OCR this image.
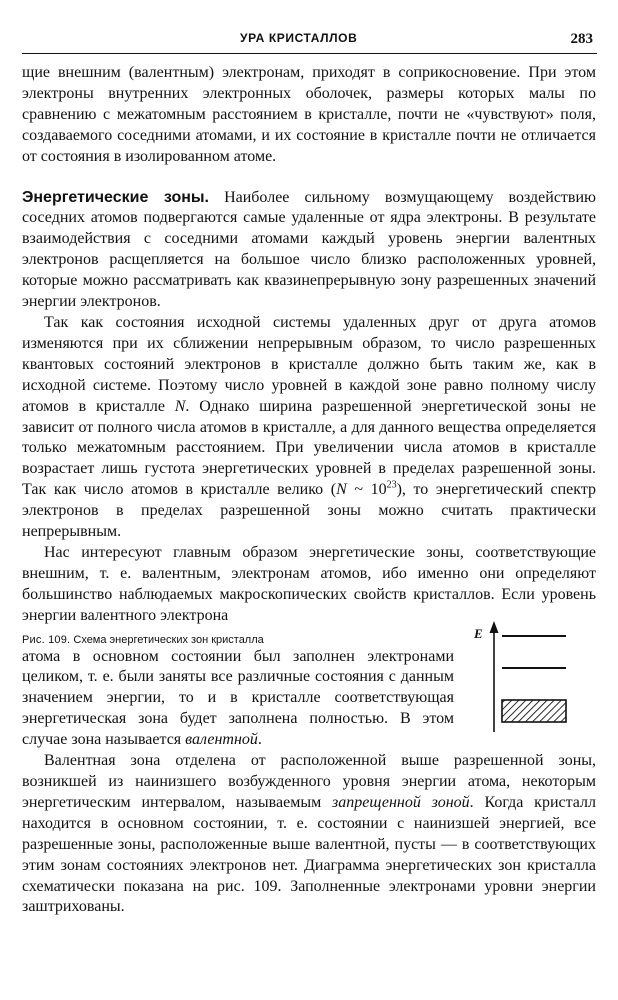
УРА КРИСТАЛЛОВ	283

щие внешним (валентным) электронам, приходят в соприкосновение. При этом электроны внутренних электронных оболочек, размеры которых малы по сравнению с межатомным расстоянием в кристалле, почти не «чувствуют» поля, создаваемого соседними атомами, и их состояние в кристалле почти не отличается от состояния в изолированном атоме.

Энергетические зоны. Наиболее сильному возмущающему воздействию соседних атомов подвергаются самые удаленные от ядра электроны. В результате взаимодействия с соседними атомами каждый уровень энергии валентных электронов расщепляется на большое число близко расположенных уровней, которые можно рассматривать как квазинепрерывную зону разрешенных значений энергии электронов.

Так как состояния исходной системы удаленных друг от друга атомов изменяются при их сближении непрерывным образом, то число разрешенных квантовых состояний электронов в кристалле должно быть таким же, как в исходной системе. Поэтому число уровней в каждой зоне равно полному числу атомов в кристалле N. Однако ширина разрешенной энергетической зоны не зависит от полного числа атомов в кристалле, а для данного вещества определяется только межатомным расстоянием. При увеличении числа атомов в кристалле возрастает лишь густота энергетических уровней в пределах разрешенной зоны. Так как число атомов в кристалле велико (N ~ $10^{23}$), то энергетический спектр электронов в пределах разрешенной зоны можно считать практически непрерывным.

Нас интересуют главным образом энергетические зоны, соответствующие внешним, т. е. валентным, электронам атомов, ибо именно они определяют большинство наблюдаемых макроскопических свойств кристаллов. Если уровень энергии валентного электрона
E

Рис. 109. Схема энергетических зон кристалла
атома в основном состоянии был заполнен электронами целиком, т. е. были заняты все различные состояния с данным значением энергии, то и в кристалле соответствующая энергетическая зона будет заполнена полностью. В этом случае зона называется валентной.

Валентная зона отделена от расположенной выше разрешенной зоны, возникшей из наинизшего возбужденного уровня энергии атома, некоторым энергетическим интервалом, называемым запрещенной зоной. Когда кристалл находится в основном состоянии, т. е. состоянии с наинизшей энергией, все разрешенные зоны, расположенные выше валентной, пусты — в соответствующих этим зонам состояниях электронов нет. Диаграмма энергетических зон кристалла схематически показана на рис. 109. Заполненные электронами уровни энергии заштрихованы.
